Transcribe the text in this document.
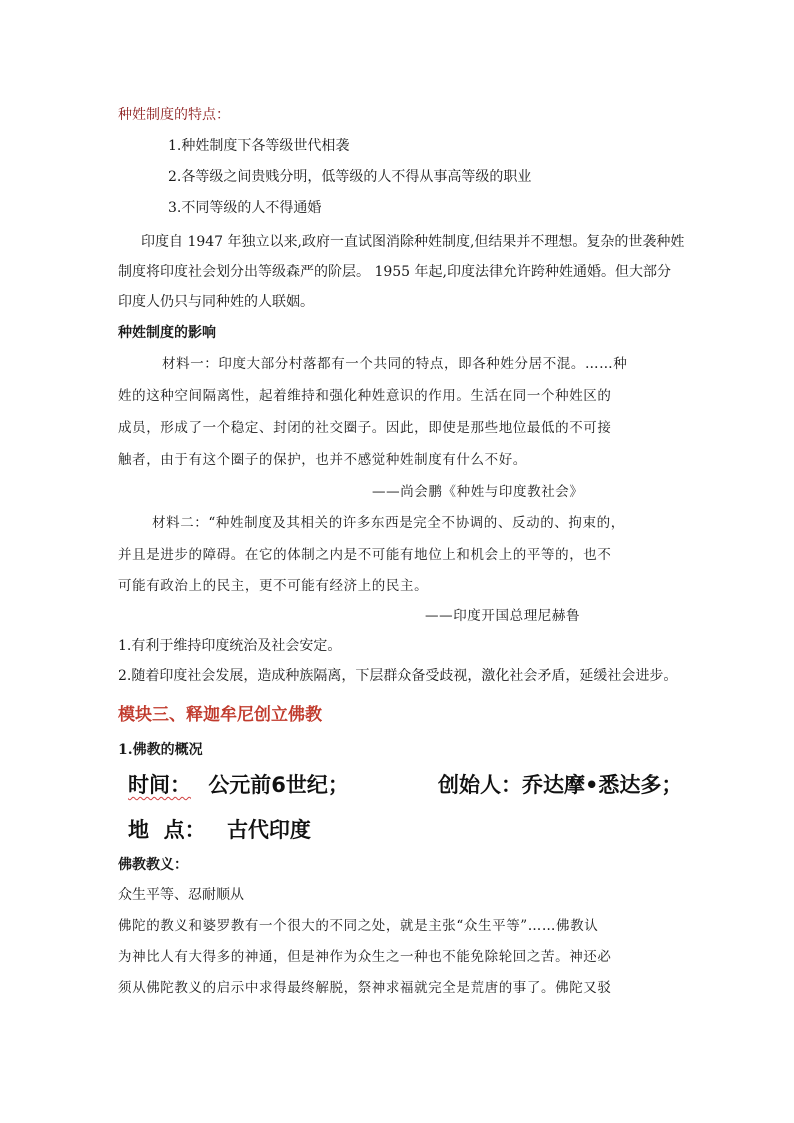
种姓制度的特点：
1.种姓制度下各等级世代相袭
2.各等级之间贵贱分明，低等级的人不得从事高等级的职业
3.不同等级的人不得通婚
印度自 1947 年独立以来,政府一直试图消除种姓制度,但结果并不理想。复杂的世袭种姓
制度将印度社会划分出等级森严的阶层。 1955 年起,印度法律允许跨种姓通婚。但大部分
印度人仍只与同种姓的人联姻。
种姓制度的影响
材料一：印度大部分村落都有一个共同的特点，即各种姓分居不混。……种
姓的这种空间隔离性，起着维持和强化种姓意识的作用。生活在同一个种姓区的
成员，形成了一个稳定、封闭的社交圈子。因此，即使是那些地位最低的不可接
触者，由于有这个圈子的保护，也并不感觉种姓制度有什么不好。
——尚会鹏《种姓与印度教社会》
材料二：“种姓制度及其相关的许多东西是完全不协调的、反动的、拘束的，
并且是进步的障碍。在它的体制之内是不可能有地位上和机会上的平等的，也不
可能有政治上的民主，更不可能有经济上的民主。
——印度开国总理尼赫鲁
1.有利于维持印度统治及社会安定。
2.随着印度社会发展，造成种族隔离，下层群众备受歧视，激化社会矛盾，延缓社会进步。
模块三、释迦牟尼创立佛教
1.佛教的概况
时间： 公元前6世纪；	创始人：乔达摩•悉达多；
地  点： 古代印度
佛教教义：
众生平等、忍耐顺从
佛陀的教义和婆罗教有一个很大的不同之处，就是主张“众生平等”……佛教认
为神比人有大得多的神通，但是神作为众生之一种也不能免除轮回之苦。神还必
须从佛陀教义的启示中求得最终解脱，祭神求福就完全是荒唐的事了。佛陀又驳
